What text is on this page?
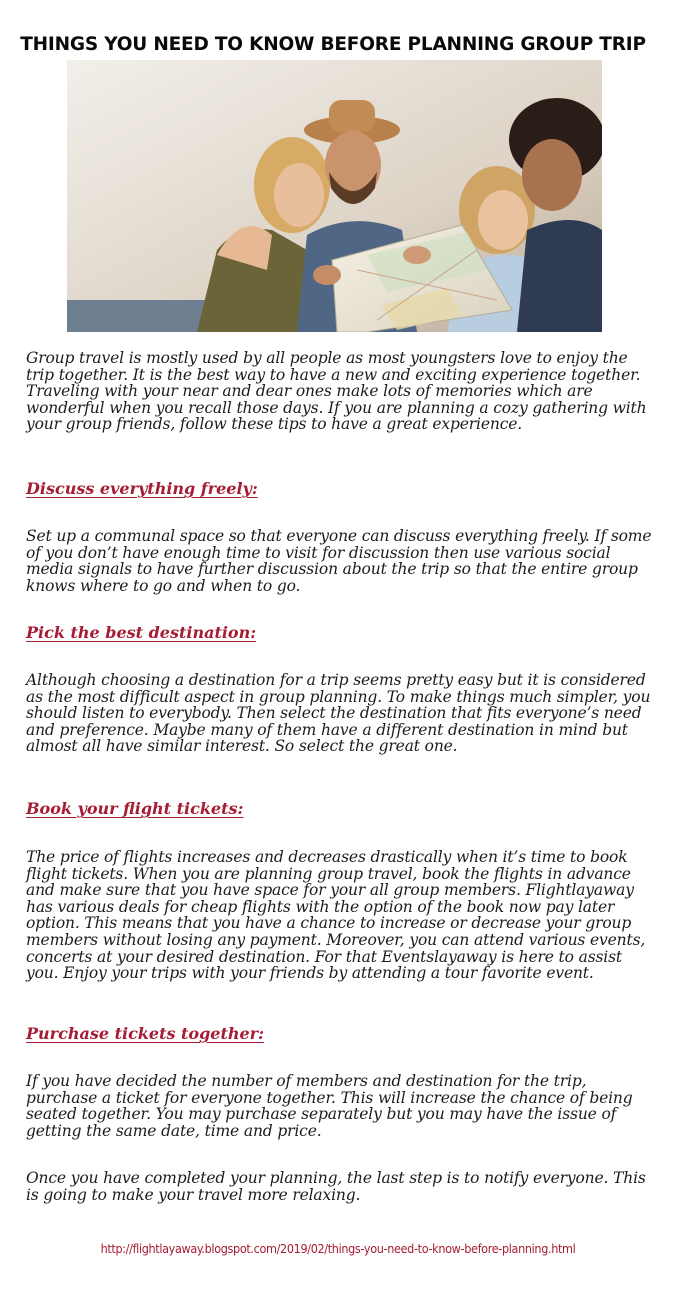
THINGS YOU NEED TO KNOW BEFORE PLANNING GROUP TRIP

Group travel is mostly used by all people as most youngsters love to enjoy the trip together. It is the best way to have a new and exciting experience together. Traveling with your near and dear ones make lots of memories which are wonderful when you recall those days. If you are planning a cozy gathering with your group friends, follow these tips to have a great experience.

Discuss everything freely:

Set up a communal space so that everyone can discuss everything freely. If some of you don’t have enough time to visit for discussion then use various social media signals to have further discussion about the trip so that the entire group knows where to go and when to go.

Pick the best destination:

Although choosing a destination for a trip seems pretty easy but it is considered as the most difficult aspect in group planning. To make things much simpler, you should listen to everybody. Then select the destination that fits everyone’s need and preference. Maybe many of them have a different destination in mind but almost all have similar interest. So select the great one.

Book your flight tickets:

The price of flights increases and decreases drastically when it’s time to book flight tickets. When you are planning group travel, book the flights in advance and make sure that you have space for your all group members. Flightlayaway has various deals for cheap flights with the option of the book now pay later option. This means that you have a chance to increase or decrease your group members without losing any payment. Moreover, you can attend various events, concerts at your desired destination. For that Eventslayaway is here to assist you. Enjoy your trips with your friends by attending a tour favorite event.

Purchase tickets together:

If you have decided the number of members and destination for the trip, purchase a ticket for everyone together. This will increase the chance of being seated together. You may purchase separately but you may have the issue of getting the same date, time and price.

Once you have completed your planning, the last step is to notify everyone. This is going to make your travel more relaxing.

http://flightlayaway.blogspot.com/2019/02/things-you-need-to-know-before-planning.html
